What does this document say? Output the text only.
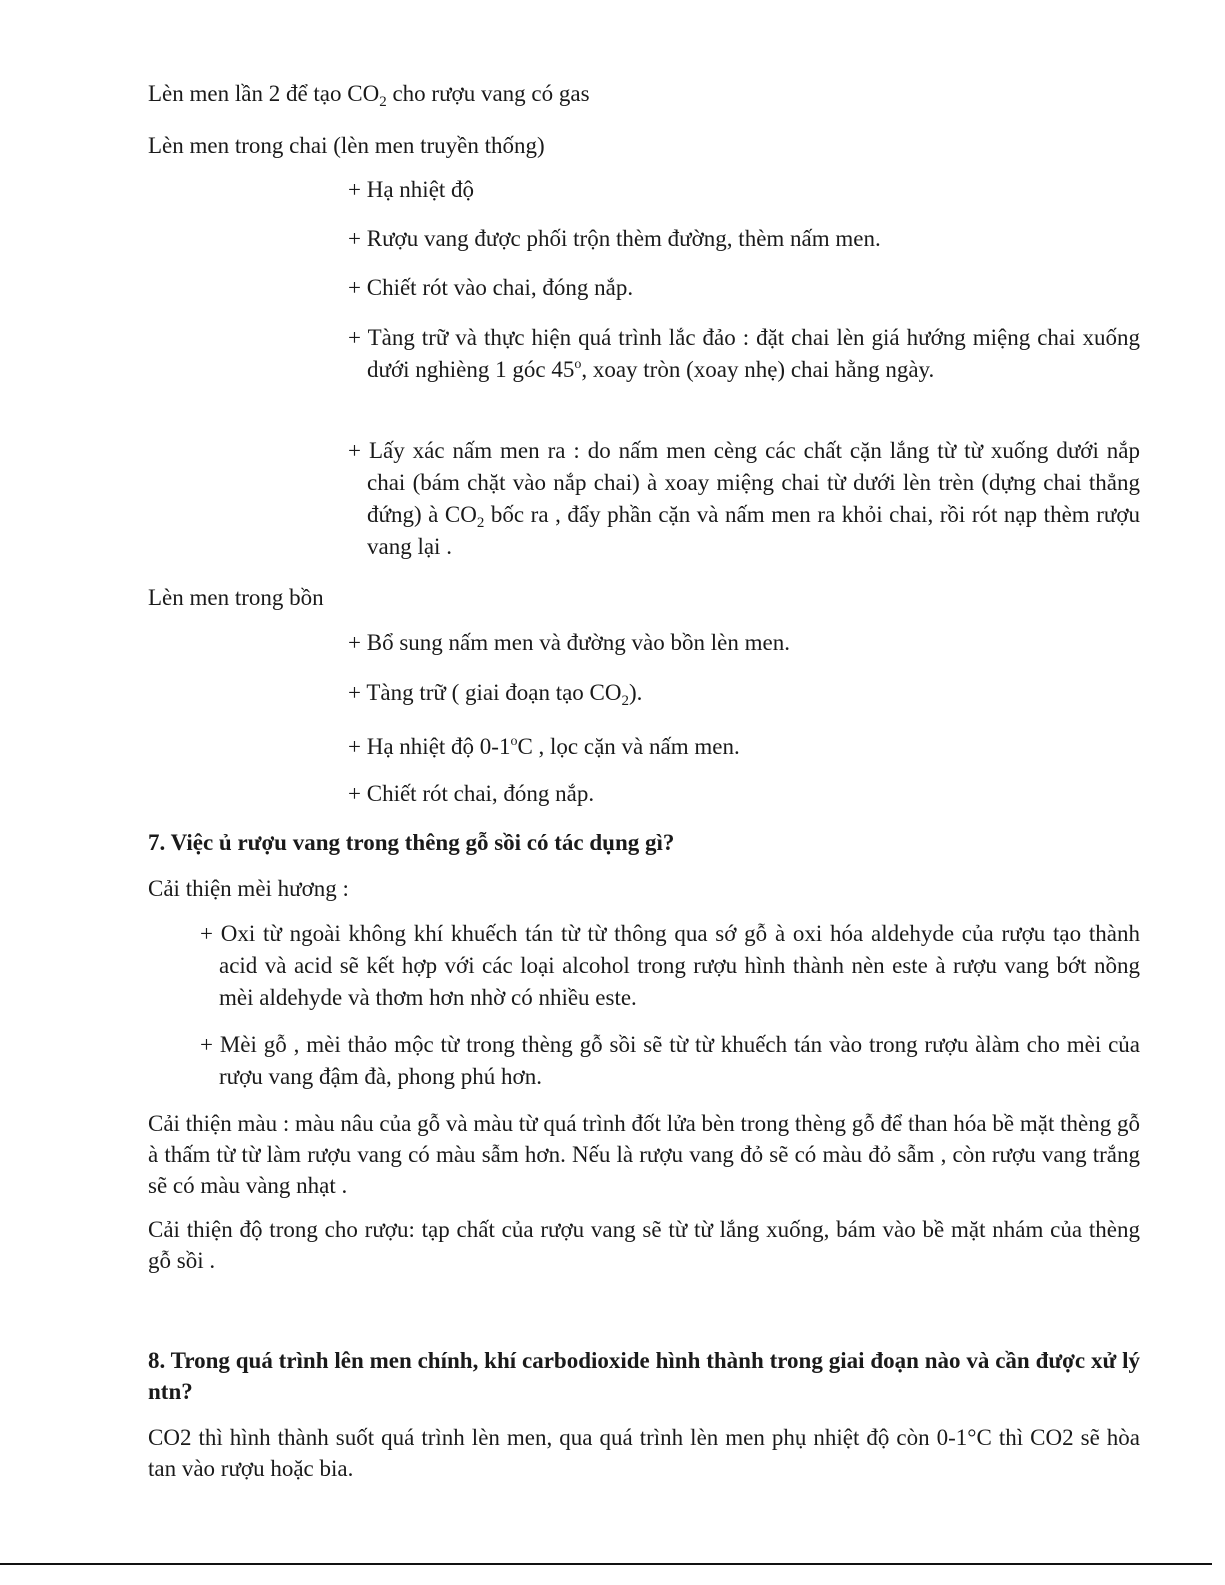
Lèn men lần 2 để tạo $CO_2$ cho rượu vang có gas

Lèn men trong chai (lèn men truyền thống)

+ Hạ nhiệt độ

+ Rượu vang được phối trộn thèm đường, thèm nấm men.

+ Chiết rót vào chai, đóng nắp.

+ Tàng trữ và thực hiện quá trình lắc đảo : đặt chai lèn giá hướng miệng chai xuống dưới nghièng 1 góc 45$^o$, xoay tròn (xoay nhẹ) chai hằng ngày.

+ Lấy xác nấm men ra : do nấm men cèng các chất cặn lắng từ từ xuống dưới nắp chai (bám chặt vào nắp chai) à xoay miệng chai từ dưới lèn trèn (dựng chai thẳng đứng) à $CO_2$ bốc ra , đẩy phần cặn và nấm men ra khỏi chai, rồi rót nạp thèm rượu vang lại .

Lèn men trong bồn

+ Bổ sung nấm men và đường vào bồn lèn men.

+ Tàng trữ ( giai đoạn tạo $CO_2$).

+ Hạ nhiệt độ 0-1$^o$C , lọc cặn và nấm men.

+ Chiết rót chai, đóng nắp.

7. Việc ủ rượu vang trong thêng gỗ sồi có tác dụng gì?

Cải thiện mèi hương :

+ Oxi từ ngoài không khí khuếch tán từ từ thông qua sớ gỗ à oxi hóa aldehyde của rượu tạo thành acid và acid sẽ kết hợp với các loại alcohol trong rượu hình thành nèn este à rượu vang bớt nồng mèi aldehyde và thơm hơn nhờ có nhiều este.

+ Mèi gỗ , mèi thảo mộc từ trong thèng gỗ sồi sẽ từ từ khuếch tán vào trong rượu àlàm cho mèi của rượu vang đậm đà, phong phú hơn.

Cải thiện màu : màu nâu của gỗ và màu từ quá trình đốt lửa bèn trong thèng gỗ để than hóa bề mặt thèng gỗ à thấm từ từ làm rượu vang có màu sẫm hơn. Nếu là rượu vang đỏ sẽ có màu đỏ sẫm , còn rượu vang trắng sẽ có màu vàng nhạt .

Cải thiện độ trong cho rượu: tạp chất của rượu vang sẽ từ từ lắng xuống, bám vào bề mặt nhám của thèng gỗ sồi .

8. Trong quá trình lên men chính, khí carbodioxide hình thành trong giai đoạn nào và cần được xử lý ntn?

CO2 thì hình thành suốt quá trình lèn men, qua quá trình lèn men phụ nhiệt độ còn 0-1°C thì CO2 sẽ hòa tan vào rượu hoặc bia.
